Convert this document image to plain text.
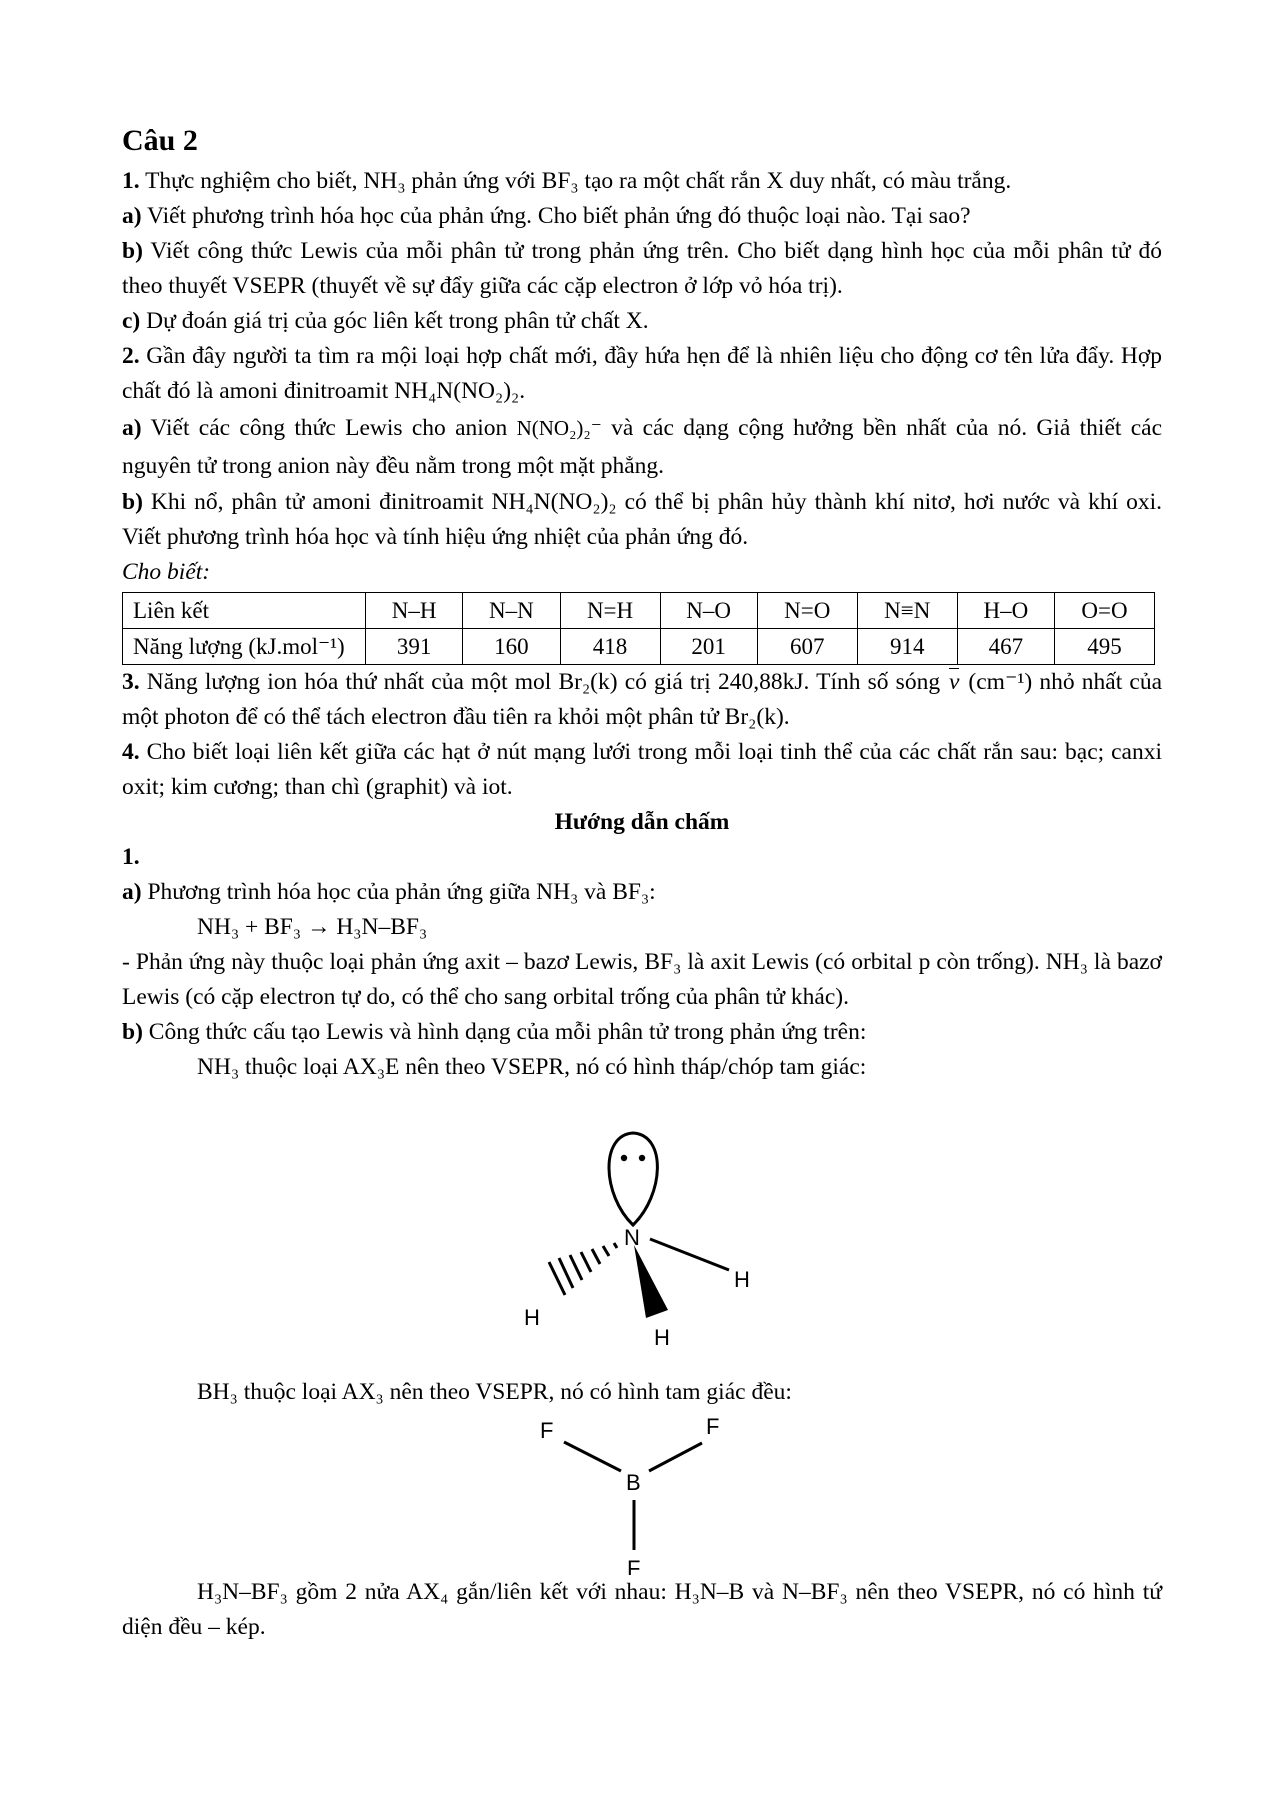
Câu 2

1. Thực nghiệm cho biết, NH₃ phản ứng với BF₃ tạo ra một chất rắn X duy nhất, có màu trắng.

a) Viết phương trình hóa học của phản ứng. Cho biết phản ứng đó thuộc loại nào. Tại sao?

b) Viết công thức Lewis của mỗi phân tử trong phản ứng trên. Cho biết dạng hình học của mỗi phân tử đó theo thuyết VSEPR (thuyết về sự đẩy giữa các cặp electron ở lớp vỏ hóa trị).

c) Dự đoán giá trị của góc liên kết trong phân tử chất X.

2. Gần đây người ta tìm ra mội loại hợp chất mới, đầy hứa hẹn để là nhiên liệu cho động cơ tên lửa đẩy. Hợp chất đó là amoni đinitroamit NH₄N(NO₂)₂.

a) Viết các công thức Lewis cho anion N(NO₂)₂⁻ và các dạng cộng hưởng bền nhất của nó. Giả thiết các nguyên tử trong anion này đều nằm trong một mặt phẳng.

b) Khi nổ, phân tử amoni đinitroamit NH₄N(NO₂)₂ có thể bị phân hủy thành khí nitơ, hơi nước và khí oxi. Viết phương trình hóa học và tính hiệu ứng nhiệt của phản ứng đó.

Cho biết:

Liên kết	N–H	N–N	N=H	N–O	N=O	N≡N	H–O	O=O
Năng lượng (kJ.mol⁻¹)	391	160	418	201	607	914	467	495

3. Năng lượng ion hóa thứ nhất của một mol Br₂(k) có giá trị 240,88kJ. Tính số sóng ν (cm⁻¹) nhỏ nhất của một photon để có thể tách electron đầu tiên ra khỏi một phân tử Br₂(k).

4. Cho biết loại liên kết giữa các hạt ở nút mạng lưới trong mỗi loại tinh thể của các chất rắn sau: bạc; canxi oxit; kim cương; than chì (graphit) và iot.

Hướng dẫn chấm

1.

a) Phương trình hóa học của phản ứng giữa NH₃ và BF₃:

NH₃ + BF₃ → H₃N–BF₃

- Phản ứng này thuộc loại phản ứng axit – bazơ Lewis, BF₃ là axit Lewis (có orbital p còn trống). NH₃ là bazơ Lewis (có cặp electron tự do, có thể cho sang orbital trống của phân tử khác).

b) Công thức cấu tạo Lewis và hình dạng của mỗi phân tử trong phản ứng trên:

NH₃ thuộc loại AX₃E nên theo VSEPR, nó có hình tháp/chóp tam giác:

N
H
H
H

BH₃ thuộc loại AX₃ nên theo VSEPR, nó có hình tam giác đều:

F	F
B
F

H₃N–BF₃ gồm 2 nửa AX₄ gắn/liên kết với nhau: H₃N–B và N–BF₃ nên theo VSEPR, nó có hình tứ diện đều – kép.
